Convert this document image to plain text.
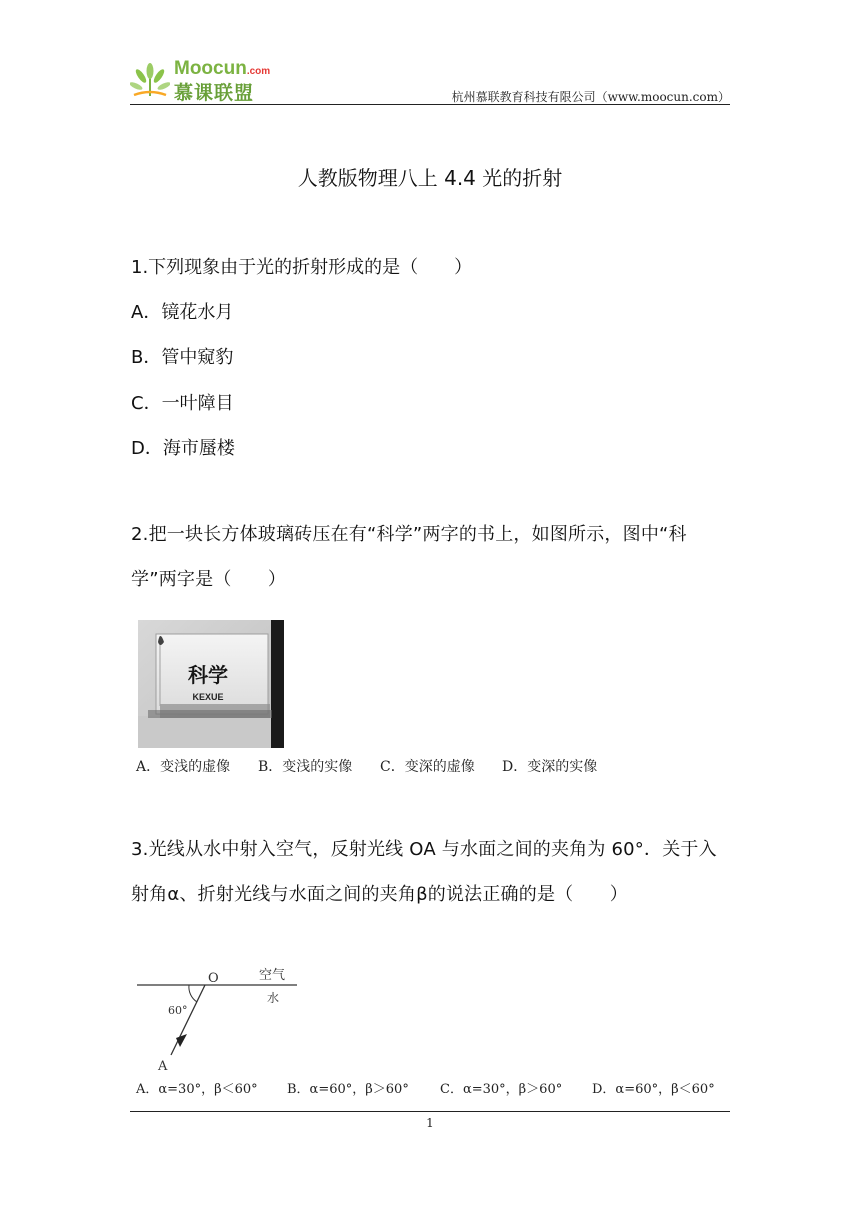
Moocun.com
慕课联盟	杭州慕联教育科技有限公司（www.moocun.com）
人教版物理八上 4.4 光的折射
1.下列现象由于光的折射形成的是（　　）
A．镜花水月
B．管中窥豹
C．一叶障目
D．海市蜃楼
2.把一块长方体玻璃砖压在有“科学”两字的书上，如图所示，图中“科学”两字是（　　）
科学
KEXUE
A．变浅的虚像 B．变浅的实像 C．变深的虚像 D．变深的实像
3.光线从水中射入空气，反射光线 OA 与水面之间的夹角为 60°．关于入射角α、折射光线与水面之间的夹角β的说法正确的是（　　）
O	空气
水
60°
A
A．α=30°，β＜60° B．α=60°，β＞60° C．α=30°，β＞60° D．α=60°，β＜60°
1
